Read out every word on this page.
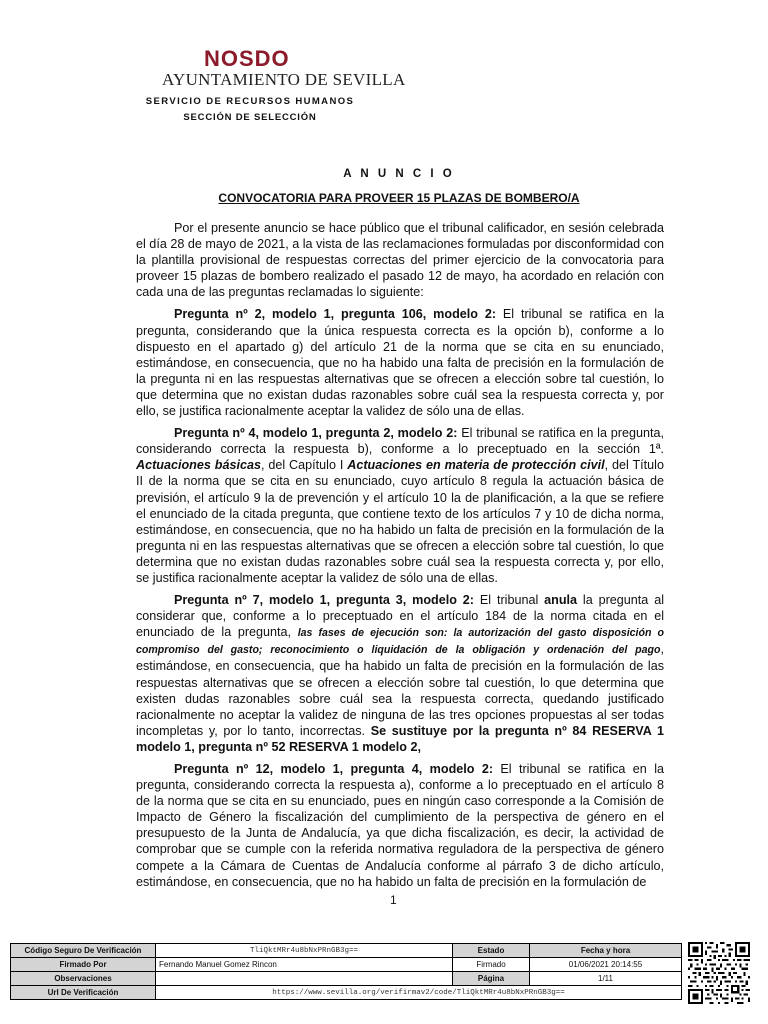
NOSDO
AYUNTAMIENTO DE SEVILLA
SERVICIO DE RECURSOS HUMANOS
SECCIÓN DE SELECCIÓN
A N U N C I O
CONVOCATORIA PARA PROVEER 15 PLAZAS DE BOMBERO/A

Por el presente anuncio se hace público que el tribunal calificador, en sesión celebrada el día 28 de mayo de 2021, a la vista de las reclamaciones formuladas por disconformidad con la plantilla provisional de respuestas correctas del primer ejercicio de la convocatoria para proveer 15 plazas de bombero realizado el pasado 12 de mayo, ha acordado en relación con cada una de las preguntas reclamadas lo siguiente:

Pregunta nº 2, modelo 1, pregunta 106, modelo 2: El tribunal se ratifica en la pregunta, considerando que la única respuesta correcta es la opción b), conforme a lo dispuesto en el apartado g) del artículo 21 de la norma que se cita en su enunciado, estimándose, en consecuencia, que no ha habido una falta de precisión en la formulación de la pregunta ni en las respuestas alternativas que se ofrecen a elección sobre tal cuestión, lo que determina que no existan dudas razonables sobre cuál sea la respuesta correcta y, por ello, se justifica racionalmente aceptar la validez de sólo una de ellas.

Pregunta nº 4, modelo 1, pregunta 2, modelo 2: El tribunal se ratifica en la pregunta, considerando correcta la respuesta b), conforme a lo preceptuado en la sección 1ª. Actuaciones básicas, del Capítulo I Actuaciones en materia de protección civil, del Título II de la norma que se cita en su enunciado, cuyo artículo 8 regula la actuación básica de previsión, el artículo 9 la de prevención y el artículo 10 la de planificación, a la que se refiere el enunciado de la citada pregunta, que contiene texto de los artículos 7 y 10 de dicha norma, estimándose, en consecuencia, que no ha habido un falta de precisión en la formulación de la pregunta ni en las respuestas alternativas que se ofrecen a elección sobre tal cuestión, lo que determina que no existan dudas razonables sobre cuál sea la respuesta correcta y, por ello, se justifica racionalmente aceptar la validez de sólo una de ellas.

Pregunta nº 7, modelo 1, pregunta 3, modelo 2: El tribunal anula la pregunta al considerar que, conforme a lo preceptuado en el artículo 184 de la norma citada en el enunciado de la pregunta, las fases de ejecución son: la autorización del gasto disposición o compromiso del gasto; reconocimiento o liquidación de la obligación y ordenación del pago, estimándose, en consecuencia, que ha habido un falta de precisión en la formulación de las respuestas alternativas que se ofrecen a elección sobre tal cuestión, lo que determina que existen dudas razonables sobre cuál sea la respuesta correcta, quedando justificado racionalmente no aceptar la validez de ninguna de las tres opciones propuestas al ser todas incompletas y, por lo tanto, incorrectas. Se sustituye por la pregunta nº 84 RESERVA 1 modelo 1, pregunta nº 52 RESERVA 1 modelo 2,

Pregunta nº 12, modelo 1, pregunta 4, modelo 2: El tribunal se ratifica en la pregunta, considerando correcta la respuesta a), conforme a lo preceptuado en el artículo 8 de la norma que se cita en su enunciado, pues en ningún caso corresponde a la Comisión de Impacto de Género la fiscalización del cumplimiento de la perspectiva de género en el presupuesto de la Junta de Andalucía, ya que dicha fiscalización, es decir, la actividad de comprobar que se cumple con la referida normativa reguladora de la perspectiva de género compete a la Cámara de Cuentas de Andalucía conforme al párrafo 3 de dicho artículo, estimándose, en consecuencia, que no ha habido un falta de precisión en la formulación de

1
Código Seguro De Verificación	TliQktMRr4u8bNxPRnGB3g==	Estado	Fecha y hora
Firmado Por	Fernando Manuel Gomez Rincon	Firmado	01/06/2021 20:14:55
Observaciones		Página	1/11
Url De Verificación	https://www.sevilla.org/verifirmav2/code/TliQktMRr4u8bNxPRnGB3g==		
